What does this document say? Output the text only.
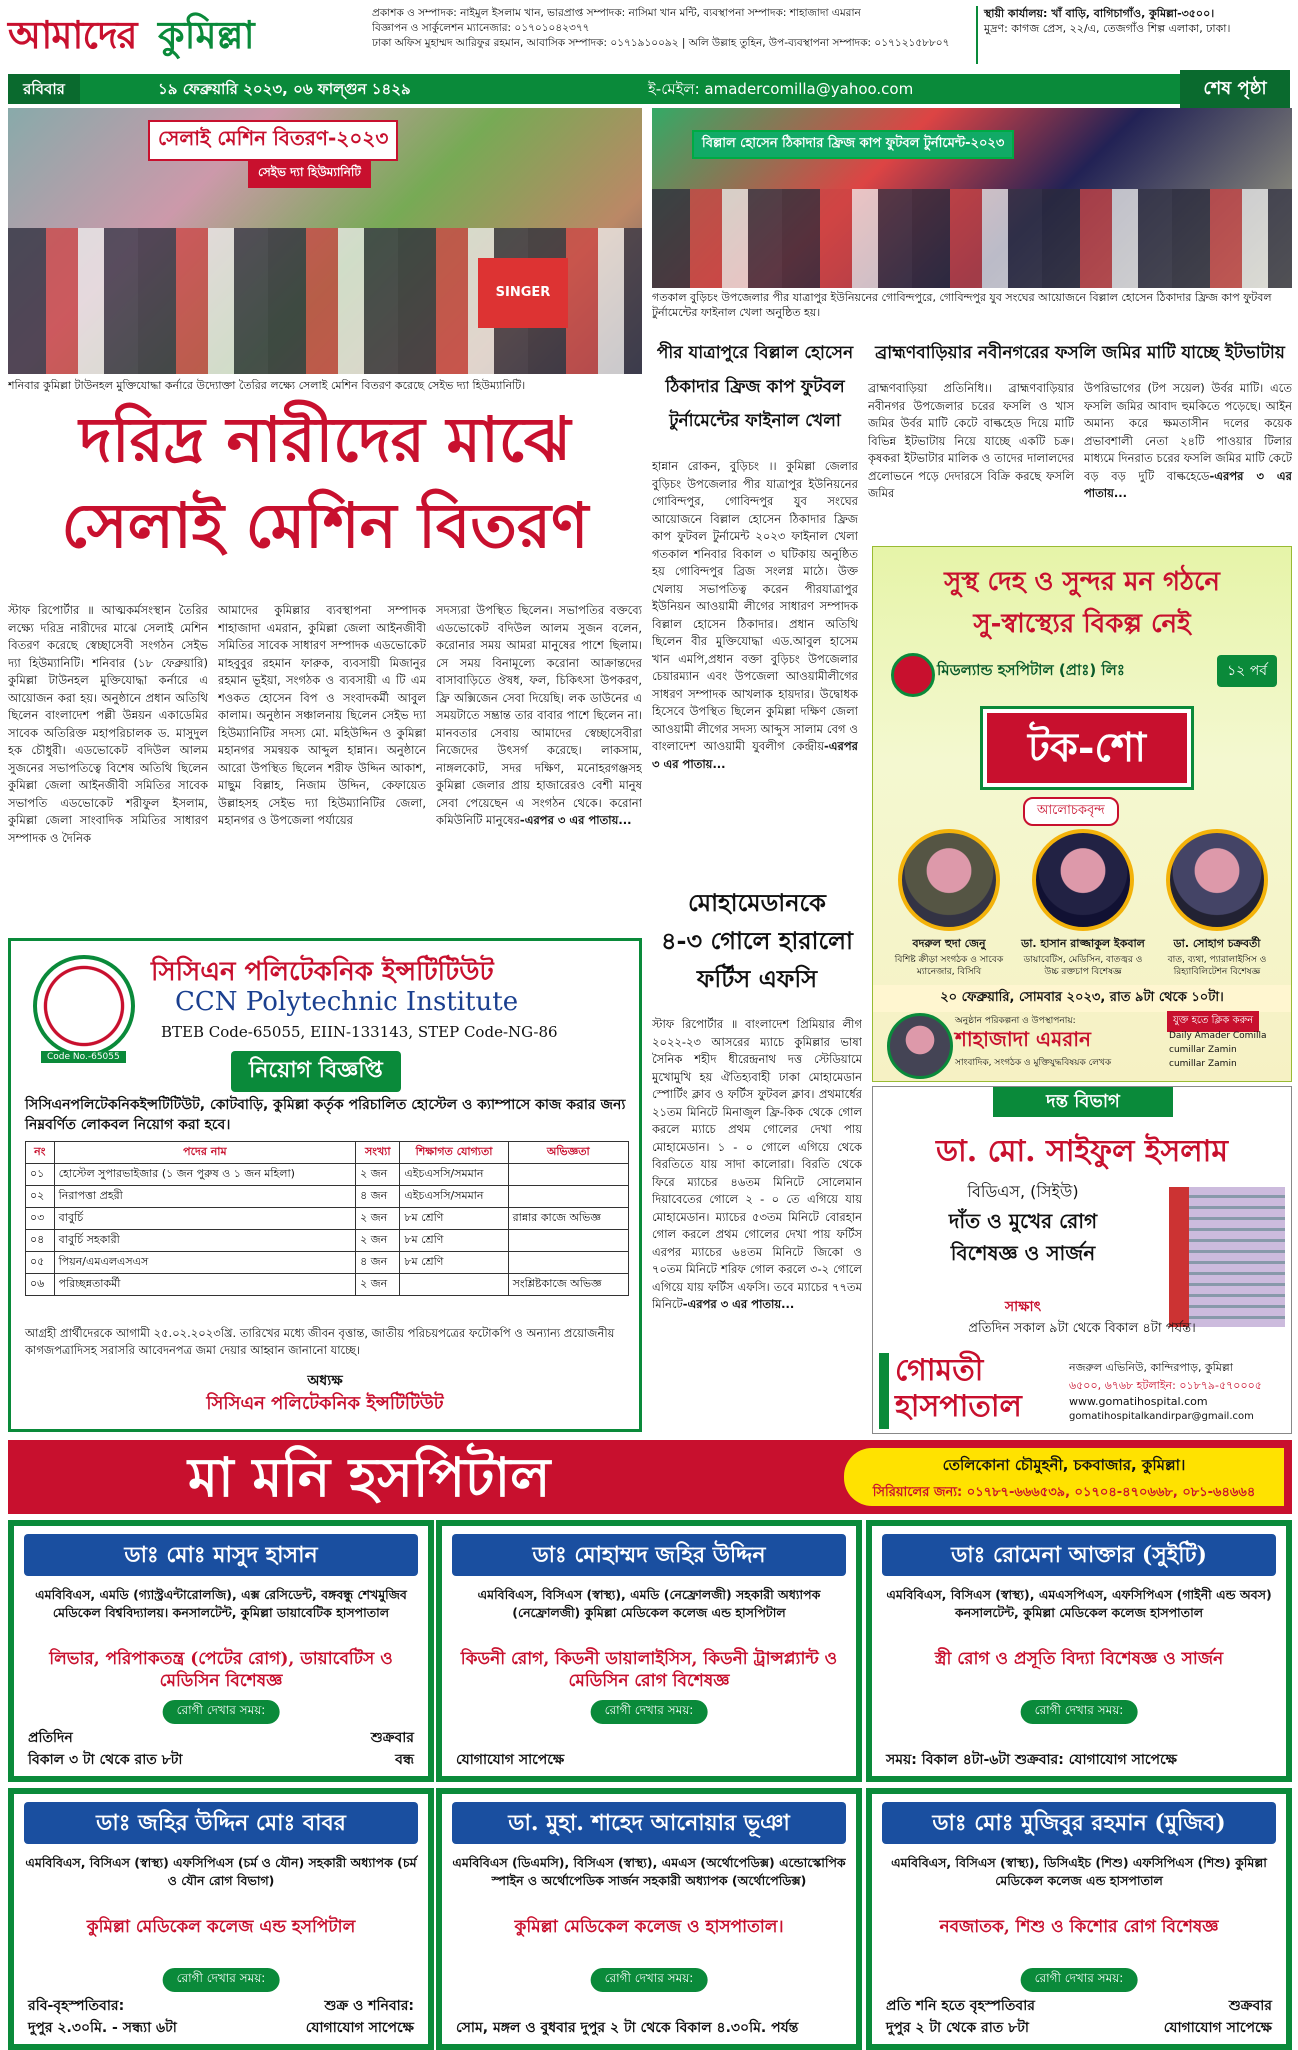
আমাদের কুমিল্লা	প্রকাশক ও সম্পাদক: নাইমুল ইসলাম খান, ভারপ্রাপ্ত সম্পাদক: নাসিমা খান মন্টি, ব্যবস্থাপনা সম্পাদক: শাহাজাদা এমরান
বিজ্ঞাপন ও সার্কুলেশন ম্যানেজার: ০১৭০১০৪২৩৭৭
ঢাকা অফিস মুহাম্মদ আরিফুর রহমান, আবাসিক সম্পাদক: ০১৭১৯১০০৯২ | অলি উল্লাহ তুহিন, উপ-ব্যবস্থাপনা সম্পাদক: ০১৭১২১৫৮৮০৭
স্থায়ী কার্যালয়: খাঁ বাড়ি, বাগিচাগাঁও, কুমিল্লা-৩৫০০।
মুদ্রণ: কাগজ প্রেস, ২২/এ, তেজগাঁও শিল্প এলাকা, ঢাকা।
রবিবার	১৯ ফেব্রুয়ারি ২০২৩, ০৬ ফাল্গুন ১৪২৯	ই-মেইল: amadercomilla@yahoo.com	শেষ পৃষ্ঠা
সেলাই মেশিন বিতরণ-২০২৩
সেইভ দ্যা হিউম্যানিটি
SINGER
শনিবার কুমিল্লা টাউনহল মুক্তিযোদ্ধা কর্নারে উদ্যোক্তা তৈরির লক্ষ্যে সেলাই মেশিন বিতরণ করেছে সেইভ দ্যা হিউম্যানিটি।
দরিদ্র নারীদের মাঝে
সেলাই মেশিন বিতরণ
স্টাফ রিপোর্টার ॥ আত্মকর্মসংস্থান তৈরির লক্ষ্যে দরিদ্র নারীদের মাঝে সেলাই মেশিন বিতরণ করেছে স্বেচ্ছাসেবী সংগঠন সেইভ দ্যা হিউম্যানিটি। শনিবার (১৮ ফেব্রুয়ারি) কুমিল্লা টাউনহল মুক্তিযোদ্ধা কর্নারে এ আয়োজন করা হয়। অনুষ্ঠানে প্রধান অতিথি ছিলেন বাংলাদেশ পল্লী উন্নয়ন একাডেমির সাবেক অতিরিক্ত মহাপরিচালক ড. মাসুদুল হক চৌধুরী। এডভোকেট বদিউল আলম সুজনের সভাপতিত্বে বিশেষ অতিথি ছিলেন কুমিল্লা জেলা আইনজীবী সমিতির সাবেক সভাপতি এডভোকেট শরীফুল ইসলাম, কুমিল্লা জেলা সাংবাদিক সমিতির সাধারণ সম্পাদক ও দৈনিক
আমাদের কুমিল্লার ব্যবস্থাপনা সম্পাদক শাহাজাদা এমরান, কুমিল্লা জেলা আইনজীবী সমিতির সাবেক সাধারণ সম্পাদক এডভোকেট মাহবুবুর রহমান ফারুক, ব্যবসায়ী মিজানুর রহমান ভূইয়া, সংগঠক ও ব্যবসায়ী এ টি এম শওকত হোসেন বিপ ও সংবাদকর্মী আবুল কালাম। অনুষ্ঠান সঞ্চালনায় ছিলেন সেইভ দ্যা হিউম্যানিটির সদস্য মো. মহিউদ্দিন ও কুমিল্লা মহানগর সমন্বয়ক আব্দুল হান্নান। অনুষ্ঠানে আরো উপস্থিত ছিলেন শরীফ উদ্দিন আকাশ, মাছুম বিল্লাহ, নিজাম উদ্দিন, কেফায়েত উল্লাহসহ সেইভ দ্যা হিউম্যানিটির জেলা, মহানগর ও উপজেলা পর্যায়ের
সদস্যরা উপস্থিত ছিলেন। সভাপতির বক্তব্যে এডভোকেট বদিউল আলম সুজন বলেন, করোনার সময় আমরা মানুষের পাশে ছিলাম। সে সময় বিনামূল্যে করোনা আক্রান্তদের বাসাবাড়িতে ঔষধ, ফল, চিকিৎসা উপকরণ, ফ্রি অক্সিজেন সেবা দিয়েছি। লক ডাউনের এ সময়টাতে সম্ভ্রান্ত তার বাবার পাশে ছিলেন না। মানবতার সেবায় আমাদের স্বেচ্ছাসেবীরা নিজেদের উৎসর্গ করেছে। লাকসাম, নাঙ্গলকোট, সদর দক্ষিণ, মনোহরগঞ্জসহ কুমিল্লা জেলার প্রায় হাজারেরও বেশী মানুষ সেবা পেয়েছেন এ সংগঠন থেকে। করোনা কমিউনিটি মানুষের-এরপর ৩ এর পাতায়...
বিল্লাল হোসেন ঠিকাদার ফ্রিজ কাপ ফুটবল টুর্নামেন্ট-২০২৩
গতকাল বুড়িচং উপজেলার পীর যাত্রাপুর ইউনিয়নের গোবিন্দপুরে, গোবিন্দপুর যুব সংঘের আয়োজনে বিল্লাল হোসেন ঠিকাদার ফ্রিজ কাপ ফুটবল টুর্নামেন্টের ফাইনাল খেলা অনুষ্ঠিত হয়।
পীর যাত্রাপুরে বিল্লাল হোসেন ঠিকাদার ফ্রিজ কাপ ফুটবল টুর্নামেন্টের ফাইনাল খেলা
হান্নান রোকন, বুড়িচং ।। কুমিল্লা জেলার বুড়িচং উপজেলার পীর যাত্রাপুর ইউনিয়নের গোবিন্দপুর, গোবিন্দপুর যুব সংঘের আয়োজনে বিল্লাল হোসেন ঠিকাদার ফ্রিজ কাপ ফুটবল টুর্নামেন্ট ২০২৩ ফাইনাল খেলা গতকাল শনিবার বিকাল ৩ ঘটিকায় অনুষ্ঠিত হয় গোবিন্দপুর ব্রিজ সংলগ্ন মাঠে। উক্ত খেলায় সভাপতিত্ব করেন পীরযাত্রাপুর ইউনিয়ন আওয়ামী লীগের সাধারণ সম্পাদক বিল্লাল হোসেন ঠিকাদার। প্রধান অতিথি ছিলেন বীর মুক্তিযোদ্ধা এড.আবুল হাসেম খান এমপি,প্রধান বক্তা বুড়িচং উপজেলার চেয়ারম্যান এবং উপজেলা আওয়ামীলীগের সাধরণ সম্পাদক আখলাক হায়দার। উদ্বোধক হিসেবে উপস্থিত ছিলেন কুমিল্লা দক্ষিণ জেলা আওয়ামী লীগের সদস্য আব্দুস সালাম বেগ ও বাংলাদেশ আওয়ামী যুবলীগ কেন্দ্রীয়-এরপর ৩ এর পাতায়...
ব্রাহ্মণবাড়িয়ার নবীনগরের ফসলি জমির মাটি যাচ্ছে ইটভাটায়
ব্রাহ্মণবাড়িয়া প্রতিনিধি।। ব্রাহ্মণবাড়িয়ার নবীনগর উপজেলার চরের ফসলি ও খাস জমির উর্বর মাটি কেটে বাল্কহেড দিয়ে মাটি বিভিন্ন ইটভাটায় নিয়ে যাচ্ছে একটি চক্র। কৃষকরা ইটভাটার মালিক ও তাদের দালালদের প্রলোভনে পড়ে দেদারসে বিক্রি করছে ফসলি জমির
উপরিভাগের (টপ সয়েল) উর্বর মাটি। এতে ফসলি জমির আবাদ হুমকিতে পড়েছে। আইন অমান্য করে ক্ষমতাসীন দলের কয়েক প্রভাবশালী নেতা ২৪টি পাওয়ার টিলার মাধ্যমে দিনরাত চরের ফসলি জমির মাটি কেটে বড় বড় দুটি বাল্কহেডে-এরপর ৩ এর পাতায়...
সুস্থ দেহ ও সুন্দর মন গঠনে
সু-স্বাস্থ্যের বিকল্প নেই
মিডল্যান্ড হসপিটাল (প্রাঃ) লিঃ	১২ পর্ব
টক-শো
আলোচকবৃন্দ
বদরুল হুদা জেনু
বিশিষ্ট ক্রীড়া সংগঠক ও সাবেক ম্যানেজার, বিসিবি
ডা. হাসান রাজ্জাকুল ইকবাল
ডায়াবেটিস, মেডিসিন, বাতজ্বর ও উচ্চ রক্তচাপ বিশেষজ্ঞ
ডা. সোহাগ চক্রবর্তী
বাত, ব্যথা, প্যারালাইসিস ও রিহ্যাবিলিটেশন বিশেষজ্ঞ
২০ ফেব্রুয়ারি, সোমবার ২০২৩, রাত ৯টা থেকে ১০টা।
অনুষ্ঠান পরিকল্পনা ও উপস্থাপনায়:
শাহাজাদা এমরান
সাংবাদিক, সংগঠক ও মুক্তিযুদ্ধবিষয়ক লেখক
যুক্ত হতে ক্লিক করুন
Daily Amader Comilla
cumillar Zamin
cumillar Zamin
Code No.-65055
সিসিএন পলিটেকনিক ইন্সটিটিউট
CCN Polytechnic Institute
BTEB Code-65055, EIIN-133143, STEP Code-NG-86
নিয়োগ বিজ্ঞপ্তি
সিসিএনপলিটেকনিকইন্সটিটিউট, কোটবাড়ি, কুমিল্লা কর্তৃক পরিচালিত হোস্টেল ও ক্যাম্পাসে কাজ করার জন্য নিম্নবর্ণিত লোকবল নিয়োগ করা হবে।
নং	পদের নাম	সংখ্যা	শিক্ষাগত যোগ্যতা	অভিজ্ঞতা
০১	হোস্টেল সুপারভাইজার (১ জন পুরুষ ও ১ জন মহিলা)	২ জন	এইচএসসি/সমমান	
০২	নিরাপত্তা প্রহরী	৪ জন	এইচএসসি/সমমান	
০৩	বাবুর্চি	২ জন	৮ম শ্রেণি	রান্নার কাজে অভিজ্ঞ
০৪	বাবুর্চি সহকারী	২ জন	৮ম শ্রেণি	
০৫	পিয়ন/এমএলএসএস	৪ জন	৮ম শ্রেণি	
০৬	পরিচ্ছন্নতাকর্মী	২ জন		সংশ্লিষ্টকাজে অভিজ্ঞ
আগ্রহী প্রার্থীদেরকে আগামী ২৫.০২.২০২৩খ্রি. তারিখের মধ্যে জীবন বৃত্তান্ত, জাতীয় পরিচয়পত্রের ফটোকপি ও অন্যান্য প্রয়োজনীয় কাগজপত্রাদিসহ সরাসরি আবেদনপত্র জমা দেয়ার আহ্বান জানানো যাচ্ছে।
অধ্যক্ষ
সিসিএন পলিটেকনিক ইন্সটিটিউট
মোহামেডানকে
৪-৩ গোলে হারালো
ফর্টিস এফসি
স্টাফ রিপোর্টার ॥ বাংলাদেশ প্রিমিয়ার লীগ ২০২২-২৩ আসরের ম্যাচে কুমিল্লার ভাষা সৈনিক শহীদ ধীরেন্দ্রনাথ দত্ত স্টেডিয়ামে মুখোমুখি হয় ঐতিহ্যবাহী ঢাকা মোহামেডান স্পোর্টিং ক্লাব ও ফর্টিস ফুটবল ক্লাব। প্রথমার্ধের ২১তম মিনিটে মিনাজুল ফ্রি-কিক থেকে গোল করলে ম্যাচে প্রথম গোলের দেখা পায় মোহামেডান। ১ - ০ গোলে এগিয়ে থেকে বিরতিতে যায় সাদা কালোরা। বিরতি থেকে ফিরে ম্যাচের ৪৬তম মিনিটে সোলেমান দিয়াবেতের গোলে ২ - ০ তে এগিয়ে যায় মোহামেডান। ম্যাচের ৫৩তম মিনিটে বোরহান গোল করলে প্রথম গোলের দেখা পায় ফর্টিস এরপর ম্যাচের ৬৪তম মিনিটে জিকো ও ৭০তম মিনিটে শরিফ গোল করলে ৩-২ গোলে এগিয়ে যায় ফর্টিস এফসি। তবে ম্যাচের ৭৭তম মিনিটে-এরপর ৩ এর পাতায়...
দন্ত বিভাগ
ডা. মো. সাইফুল ইসলাম
বিডিএস, (সিইউ)
দাঁত ও মুখের রোগ
বিশেষজ্ঞ ও সার্জন
সাক্ষাৎ
প্রতিদিন সকাল ৯টা থেকে বিকাল ৪টা পর্যন্ত।
গোমতী
হাসপাতাল
নজরুল এভিনিউ, কান্দিরপাড়, কুমিল্লা
৬৫০০, ৬৭৬৮ হটলাইন: ০১৮৭৯-৫৭০০০৫
www.gomatihospital.com
gomatihospitalkandirpar@gmail.com
মা মনি হসপিটাল	তেলিকোনা চৌমুহনী, চকবাজার, কুমিল্লা।
সিরিয়ালের জন্য: ০১৭৮৭-৬৬৬৫৩৯, ০১৭০৪-৪৭০৬৬৮, ০৮১-৬৪৬৬৪
ডাঃ মোঃ মাসুদ হাসান
এমবিবিএস, এমডি (গ্যাস্ট্রএন্টারোলজি), এক্স রেসিডেন্ট, বঙ্গবন্ধু শেখমুজিব মেডিকেল বিশ্ববিদ্যালয়। কনসালটেন্ট, কুমিল্লা ডায়াবেটিক হাসপাতাল
লিভার, পরিপাকতন্ত্র (পেটের রোগ), ডায়াবেটিস ও মেডিসিন বিশেষজ্ঞ
রোগী দেখার সময়:
প্রতিদিন
বিকাল ৩ টা থেকে রাত ৮টা
শুক্রবার
বন্ধ
ডাঃ মোহাম্মদ জহির উদ্দিন
এমবিবিএস, বিসিএস (স্বাস্থ্য), এমডি (নেফ্রোলজী) সহকারী অধ্যাপক (নেফ্রোলজী) কুমিল্লা মেডিকেল কলেজ এন্ড হাসপিটাল
কিডনী রোগ, কিডনী ডায়ালাইসিস, কিডনী ট্রান্সপ্ল্যান্ট ও মেডিসিন রোগ বিশেষজ্ঞ
রোগী দেখার সময়:
যোগাযোগ সাপেক্ষে
ডাঃ রোমেনা আক্তার (সুইটি)
এমবিবিএস, বিসিএস (স্বাস্থ্য), এমএসপিএস, এফসিপিএস (গাইনী এন্ড অবস) কনসালটেন্ট, কুমিল্লা মেডিকেল কলেজ হাসপাতাল
স্ত্রী রোগ ও প্রসূতি বিদ্যা বিশেষজ্ঞ ও সার্জন
রোগী দেখার সময়:
সময়: বিকাল ৪টা-৬টা শুক্রবার: যোগাযোগ সাপেক্ষে
ডাঃ জহির উদ্দিন মোঃ বাবর
এমবিবিএস, বিসিএস (স্বাস্থ্য) এফসিপিএস (চর্ম ও যৌন) সহকারী অধ্যাপক (চর্ম ও যৌন রোগ বিভাগ)
কুমিল্লা মেডিকেল কলেজ এন্ড হসপিটাল
রোগী দেখার সময়:
রবি-বৃহস্পতিবার:
দুপুর ২.৩০মি. - সন্ধ্যা ৬টা
শুক্র ও শনিবার:
যোগাযোগ সাপেক্ষে
ডা. মুহা. শাহেদ আনোয়ার ভূঞা
এমবিবিএস (ডিএমসি), বিসিএস (স্বাস্থ্য), এমএস (অর্থোপেডিক্স) এন্ডোস্কোপিক স্পাইন ও অর্থোপেডিক সার্জন সহকারী অধ্যাপক (অর্থোপেডিক্স)
কুমিল্লা মেডিকেল কলেজ ও হাসপাতাল।
রোগী দেখার সময়:
সোম, মঙ্গল ও বুধবার দুপুর ২ টা থেকে বিকাল ৪.৩০মি. পর্যন্ত
ডাঃ মোঃ মুজিবুর রহমান (মুজিব)
এমবিবিএস, বিসিএস (স্বাস্থ্য), ডিসিএইচ (শিশু) এফসিপিএস (শিশু) কুমিল্লা মেডিকেল কলেজ এন্ড হাসপাতাল
নবজাতক, শিশু ও কিশোর রোগ বিশেষজ্ঞ
রোগী দেখার সময়:
প্রতি শনি হতে বৃহস্পতিবার
দুপুর ২ টা থেকে রাত ৮টা
শুক্রবার
যোগাযোগ সাপেক্ষে
